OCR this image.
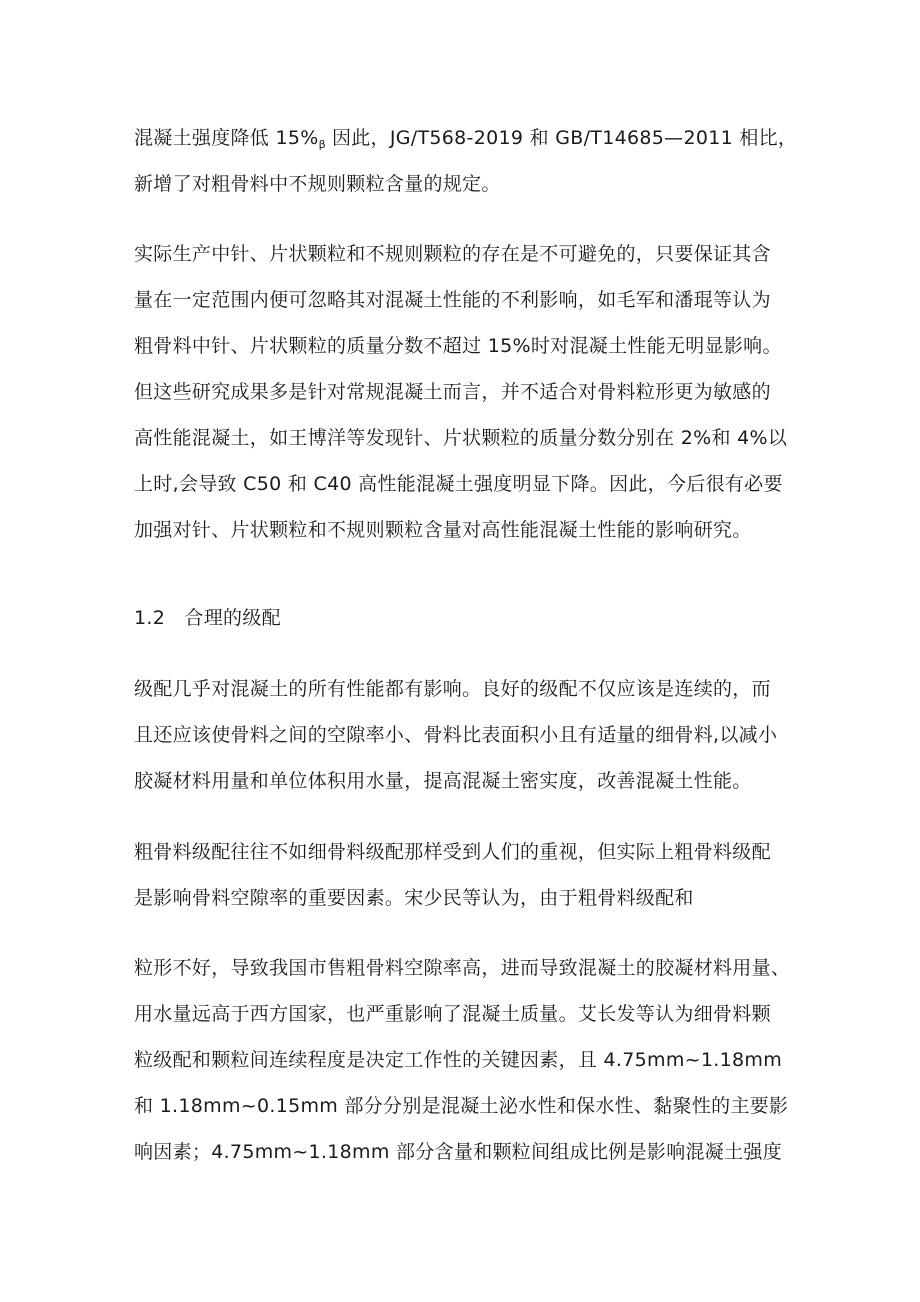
混凝土强度降低 $15\%_\beta$ 因此，JG/T568-2019 和 GB/T14685—2011 相比，
新增了对粗骨料中不规则颗粒含量的规定。
实际生产中针、片状颗粒和不规则颗粒的存在是不可避免的，只要保证其含
量在一定范围内便可忽略其对混凝土性能的不利影响，如毛军和潘琨等认为
粗骨料中针、片状颗粒的质量分数不超过 15%时对混凝土性能无明显影响。
但这些研究成果多是针对常规混凝土而言，并不适合对骨料粒形更为敏感的
高性能混凝土，如王博洋等发现针、片状颗粒的质量分数分别在 2%和 4%以
上时,会导致 C50 和 C40 高性能混凝土强度明显下降。因此，今后很有必要
加强对针、片状颗粒和不规则颗粒含量对高性能混凝土性能的影响研究。
1.2　合理的级配
级配几乎对混凝土的所有性能都有影响。良好的级配不仅应该是连续的，而
且还应该使骨料之间的空隙率小、骨料比表面积小且有适量的细骨料,以减小
胶凝材料用量和单位体积用水量，提高混凝土密实度，改善混凝土性能。
粗骨料级配往往不如细骨料级配那样受到人们的重视，但实际上粗骨料级配
是影响骨料空隙率的重要因素。宋少民等认为，由于粗骨料级配和
粒形不好，导致我国市售粗骨料空隙率高，进而导致混凝土的胶凝材料用量、
用水量远高于西方国家，也严重影响了混凝土质量。艾长发等认为细骨料颗
粒级配和颗粒间连续程度是决定工作性的关键因素，且 4.75mm~1.18mm
和 1.18mm~0.15mm 部分分别是混凝土泌水性和保水性、黏聚性的主要影
响因素；4.75mm~1.18mm 部分含量和颗粒间组成比例是影响混凝土强度
